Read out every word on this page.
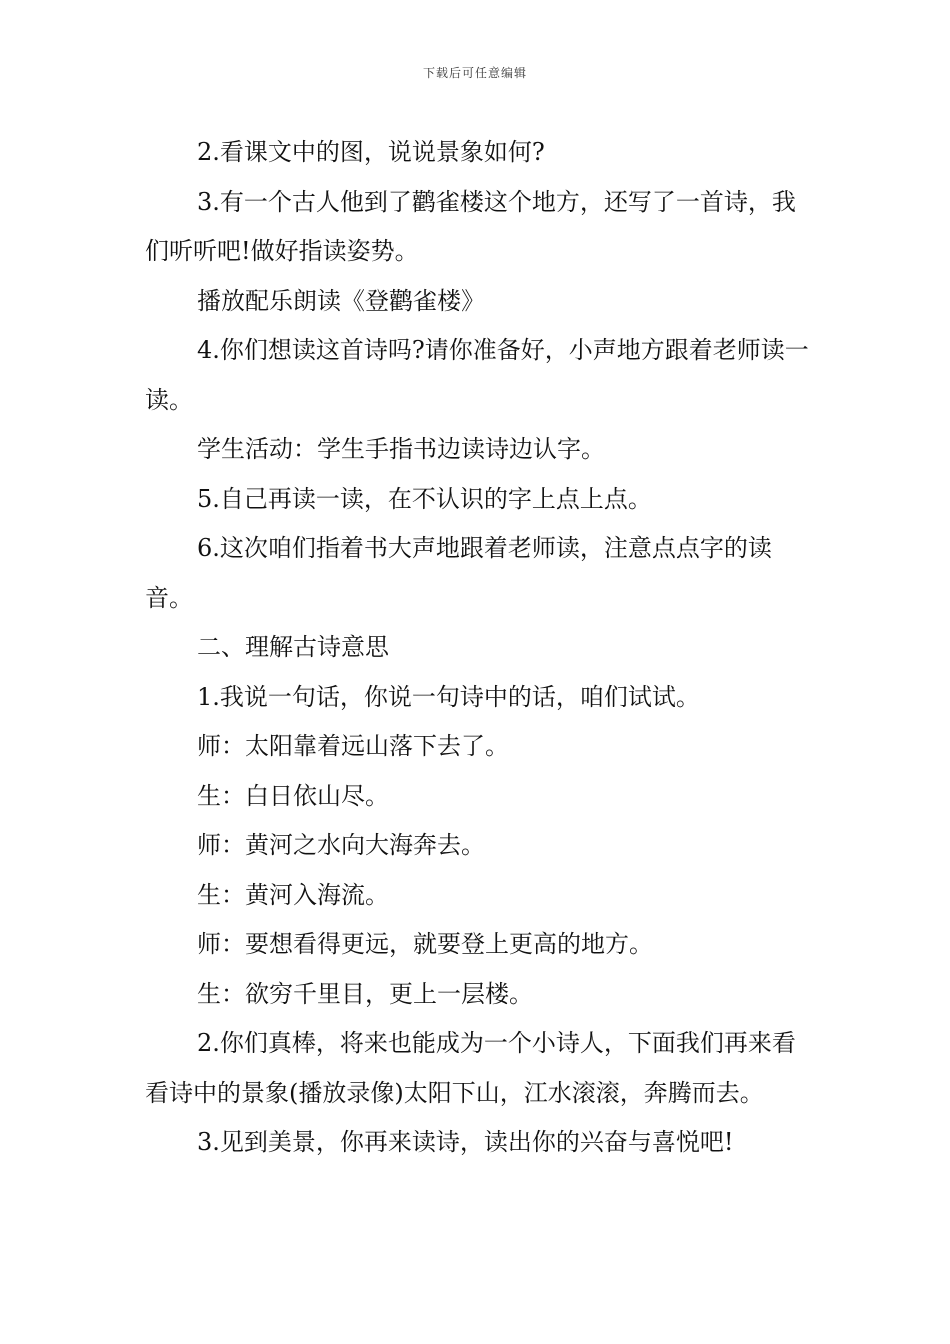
下载后可任意编辑

2.看课文中的图，说说景象如何?

3.有一个古人他到了鹳雀楼这个地方，还写了一首诗，我们听听吧!做好指读姿势。

播放配乐朗读《登鹳雀楼》

4.你们想读这首诗吗?请你准备好，小声地方跟着老师读一读。

学生活动：学生手指书边读诗边认字。

5.自己再读一读，在不认识的字上点上点。

6.这次咱们指着书大声地跟着老师读，注意点点字的读音。

二、理解古诗意思

1.我说一句话，你说一句诗中的话，咱们试试。

师：太阳靠着远山落下去了。

生：白日依山尽。

师：黄河之水向大海奔去。

生：黄河入海流。

师：要想看得更远，就要登上更高的地方。

生：欲穷千里目，更上一层楼。

2.你们真棒，将来也能成为一个小诗人，下面我们再来看看诗中的景象(播放录像)太阳下山，江水滚滚，奔腾而去。

3.见到美景，你再来读诗，读出你的兴奋与喜悦吧!
